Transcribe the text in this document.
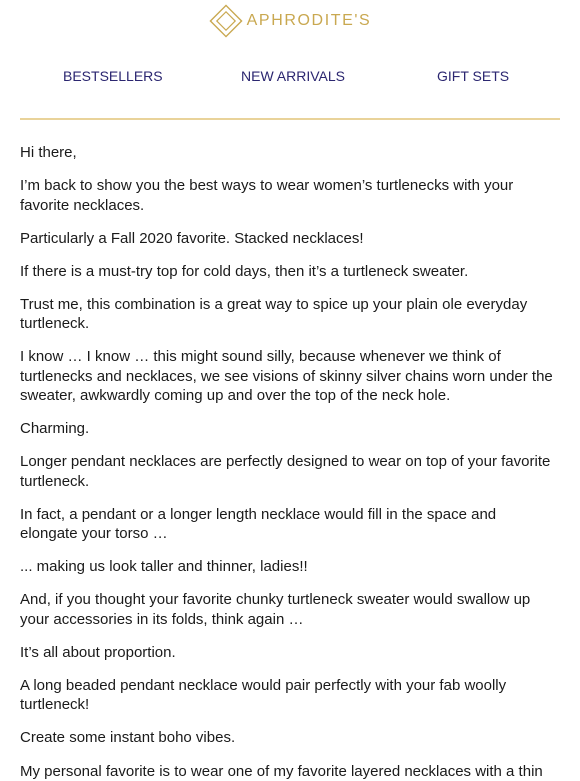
APHRODITE'S
BESTSELLERS	NEW ARRIVALS	GIFT SETS

Hi there,

I’m back to show you the best ways to wear women’s turtlenecks with your favorite necklaces.

Particularly a Fall 2020 favorite. Stacked necklaces!

If there is a must-try top for cold days, then it’s a turtleneck sweater.

Trust me, this combination is a great way to spice up your plain ole everyday turtleneck.

I know … I know … this might sound silly, because whenever we think of turtlenecks and necklaces, we see visions of skinny silver chains worn under the sweater, awkwardly coming up and over the top of the neck hole.

Charming.

Longer pendant necklaces are perfectly designed to wear on top of your favorite turtleneck.

In fact, a pendant or a longer length necklace would fill in the space and elongate your torso …

... making us look taller and thinner, ladies!!

And, if you thought your favorite chunky turtleneck sweater would swallow up your accessories in its folds, think again …

It’s all about proportion.

A long beaded pendant necklace would pair perfectly with your fab woolly turtleneck!

Create some instant boho vibes.

My personal favorite is to wear one of my favorite layered necklaces with a thin
